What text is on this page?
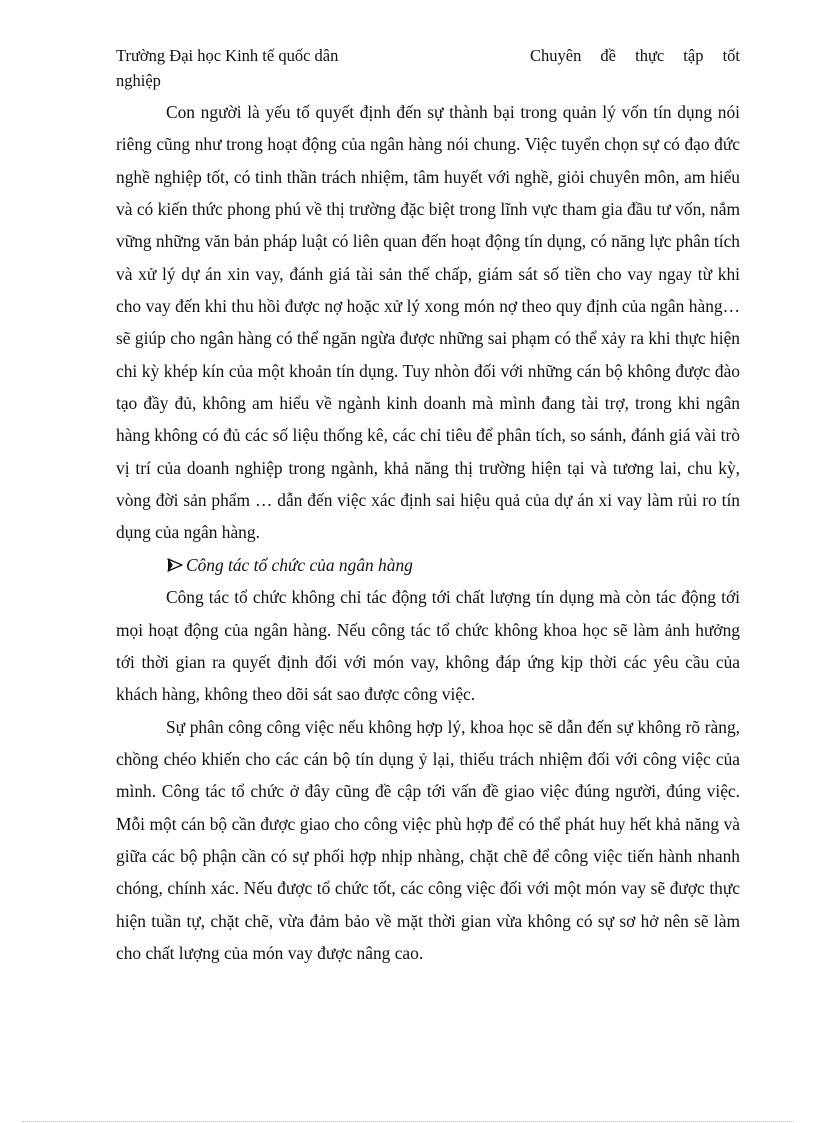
Trường Đại học Kinh tế quốc dân	Chuyên đề thực tập tốt
nghiệp

Con người là yếu tố quyết định đến sự thành bại trong quản lý vốn tín dụng nói riêng cũng như trong hoạt động của ngân hàng nói chung. Việc tuyển chọn sự có đạo đức nghề nghiệp tốt, có tinh thần trách nhiệm, tâm huyết với nghề, giỏi chuyên môn, am hiểu và có kiến thức phong phú về thị trường đặc biệt trong lĩnh vực tham gia đầu tư vốn, nắm vững những văn bản pháp luật có liên quan đến hoạt động tín dụng, có năng lực phân tích và xử lý dự án xin vay, đánh giá tài sản thế chấp, giám sát số tiền cho vay ngay từ khi cho vay đến khi thu hồi được nợ hoặc xử lý xong món nợ theo quy định của ngân hàng… sẽ giúp cho ngân hàng có thể ngăn ngừa được những sai phạm có thể xảy ra khi thực hiện chi kỳ khép kín của một khoản tín dụng. Tuy nhòn đối với những cán bộ không được đào tạo đầy đủ, không am hiểu về ngành kinh doanh mà mình đang tài trợ, trong khi ngân hàng không có đủ các số liệu thống kê, các chỉ tiêu để phân tích, so sánh, đánh giá vài trò vị trí của doanh nghiệp trong ngành, khả năng thị trường hiện tại và tương lai, chu kỳ, vòng đời sản phẩm … dẫn đến việc xác định sai hiệu quả của dự án xi vay làm rủi ro tín dụng của ngân hàng.

Công tác tổ chức của ngân hàng

Công tác tổ chức không chỉ tác động tới chất lượng tín dụng mà còn tác động tới mọi hoạt động của ngân hàng. Nếu công tác tổ chức không khoa học sẽ làm ảnh hưởng tới thời gian ra quyết định đối với món vay, không đáp ứng kịp thời các yêu cầu của khách hàng, không theo dõi sát sao được công việc.

Sự phân công công việc nếu không hợp lý, khoa học sẽ dẫn đến sự không rõ ràng, chồng chéo khiến cho các cán bộ tín dụng ỷ lại, thiếu trách nhiệm đối với công việc của mình. Công tác tổ chức ở đây cũng đề cập tới vấn đề giao việc đúng người, đúng việc. Mỗi một cán bộ cần được giao cho công việc phù hợp để có thể phát huy hết khả năng và giữa các bộ phận cần có sự phối hợp nhịp nhàng, chặt chẽ để công việc tiến hành nhanh chóng, chính xác. Nếu được tổ chức tốt, các công việc đối với một món vay sẽ được thực hiện tuần tự, chặt chẽ, vừa đảm bảo về mặt thời gian vừa không có sự sơ hở nên sẽ làm cho chất lượng của món vay được nâng cao.
